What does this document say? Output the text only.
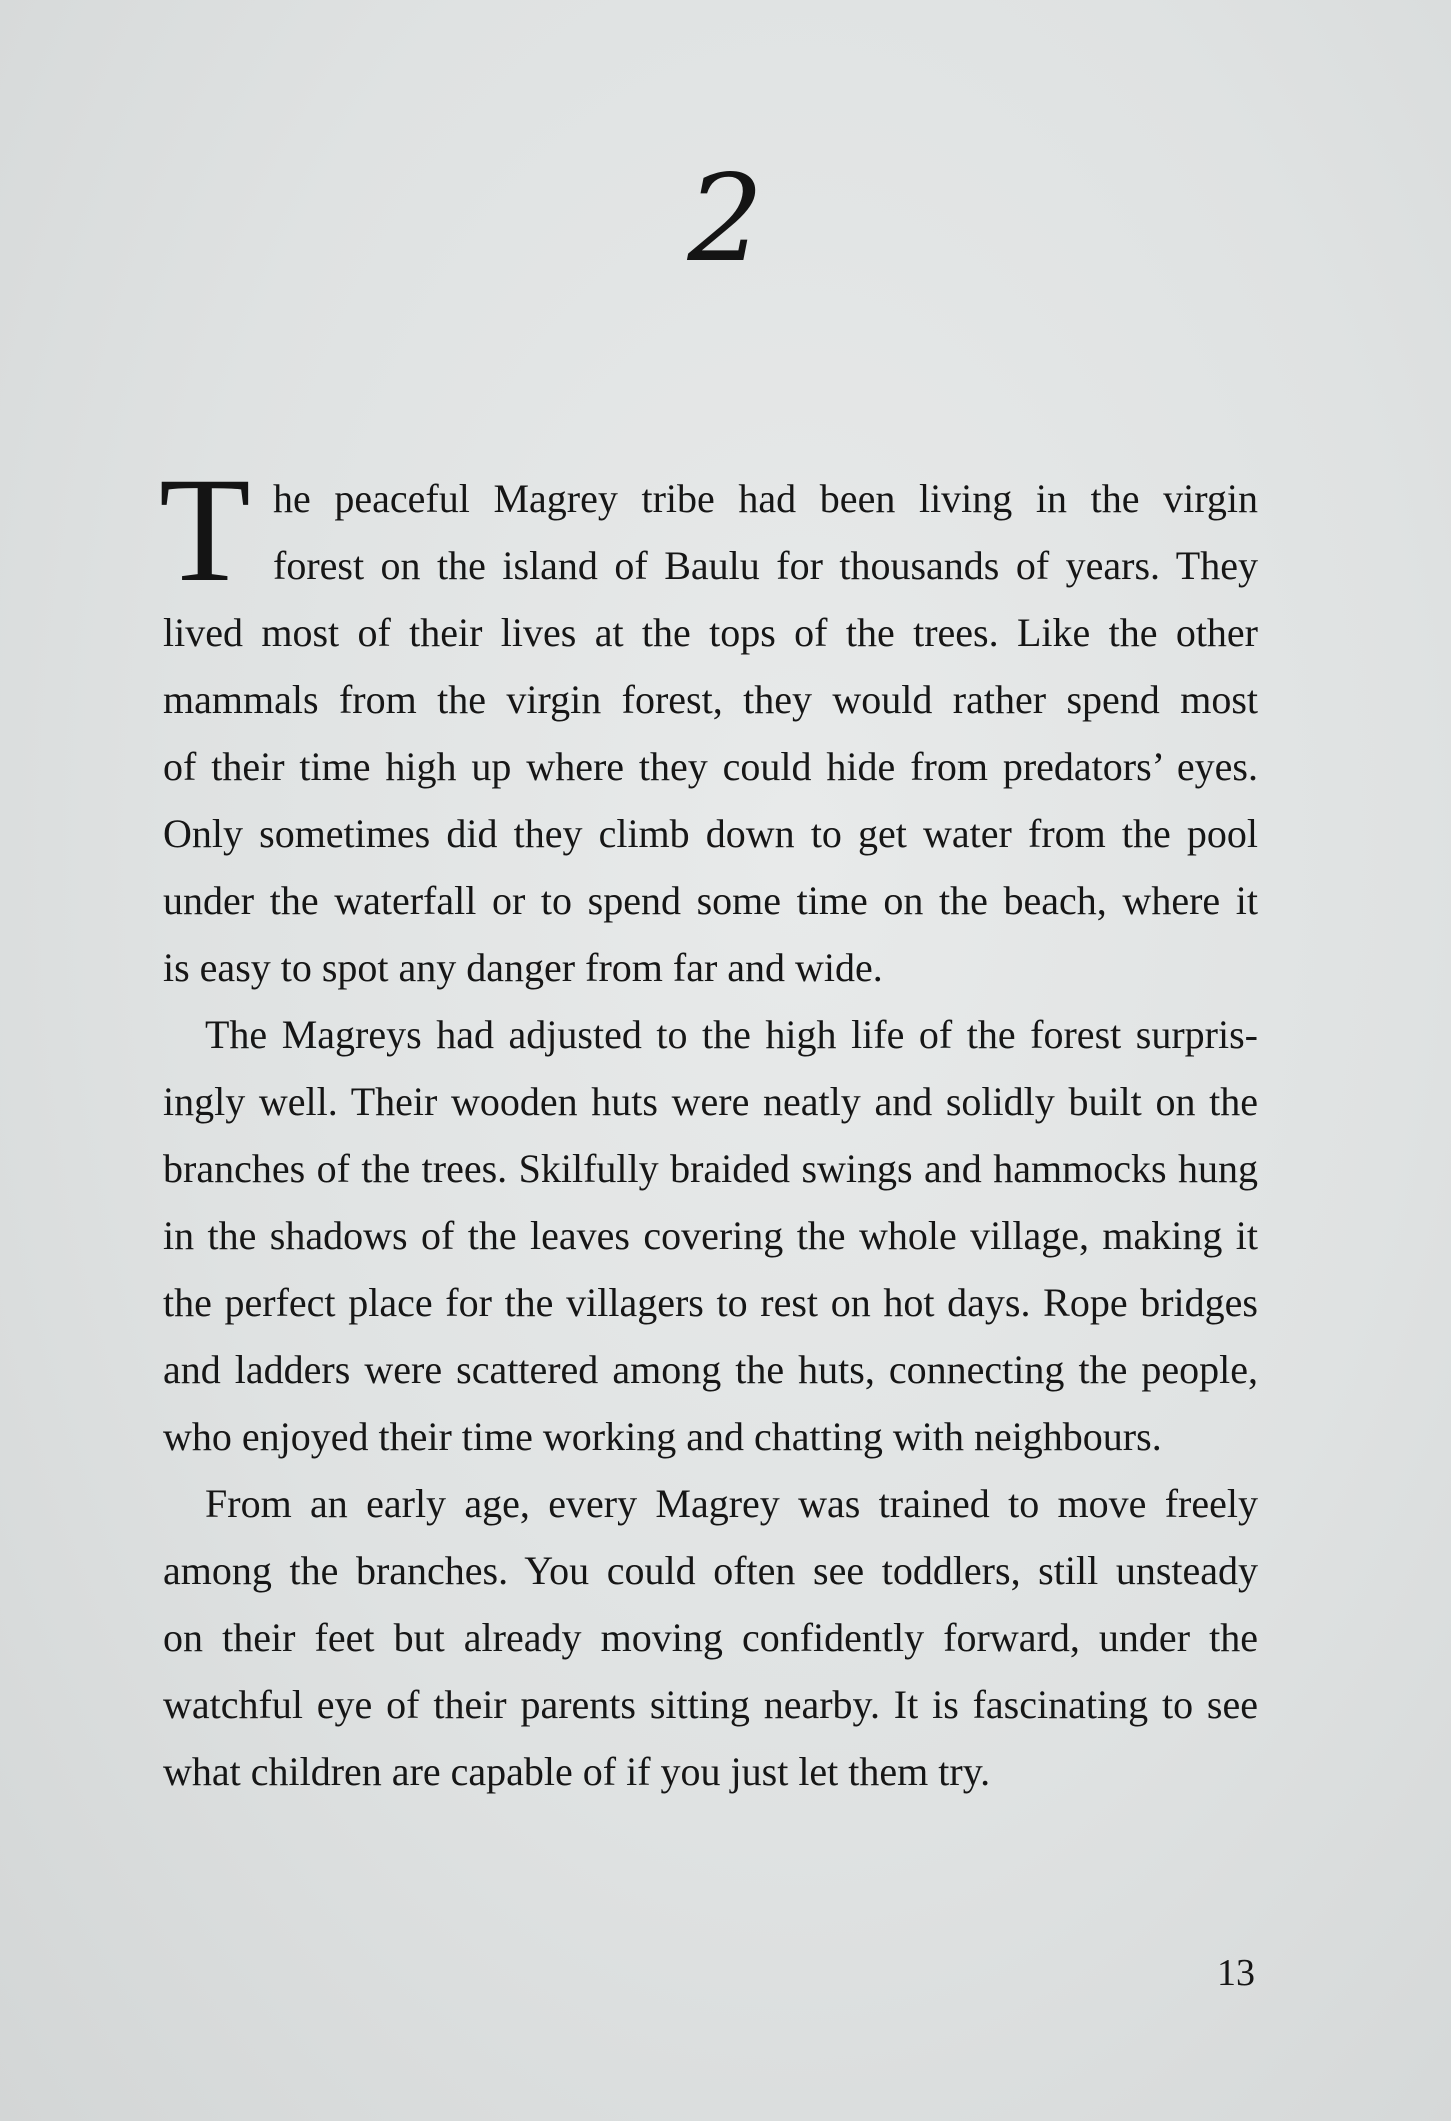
2
T he peaceful Magrey tribe had been living in the virgin
forest on the island of Baulu for thousands of years. They
lived most of their lives at the tops of the trees. Like the other
mammals from the virgin forest, they would rather spend most
of their time high up where they could hide from predators’ eyes.
Only sometimes did they climb down to get water from the pool
under the waterfall or to spend some time on the beach, where it
is easy to spot any danger from far and wide.
The Magreys had adjusted to the high life of the forest surpris-
ingly well. Their wooden huts were neatly and solidly built on the
branches of the trees. Skilfully braided swings and hammocks hung
in the shadows of the leaves covering the whole village, making it
the perfect place for the villagers to rest on hot days. Rope bridges
and ladders were scattered among the huts, connecting the people,
who enjoyed their time working and chatting with neighbours.
From an early age, every Magrey was trained to move freely
among the branches. You could often see toddlers, still unsteady
on their feet but already moving confidently forward, under the
watchful eye of their parents sitting nearby. It is fascinating to see
what children are capable of if you just let them try.
13
